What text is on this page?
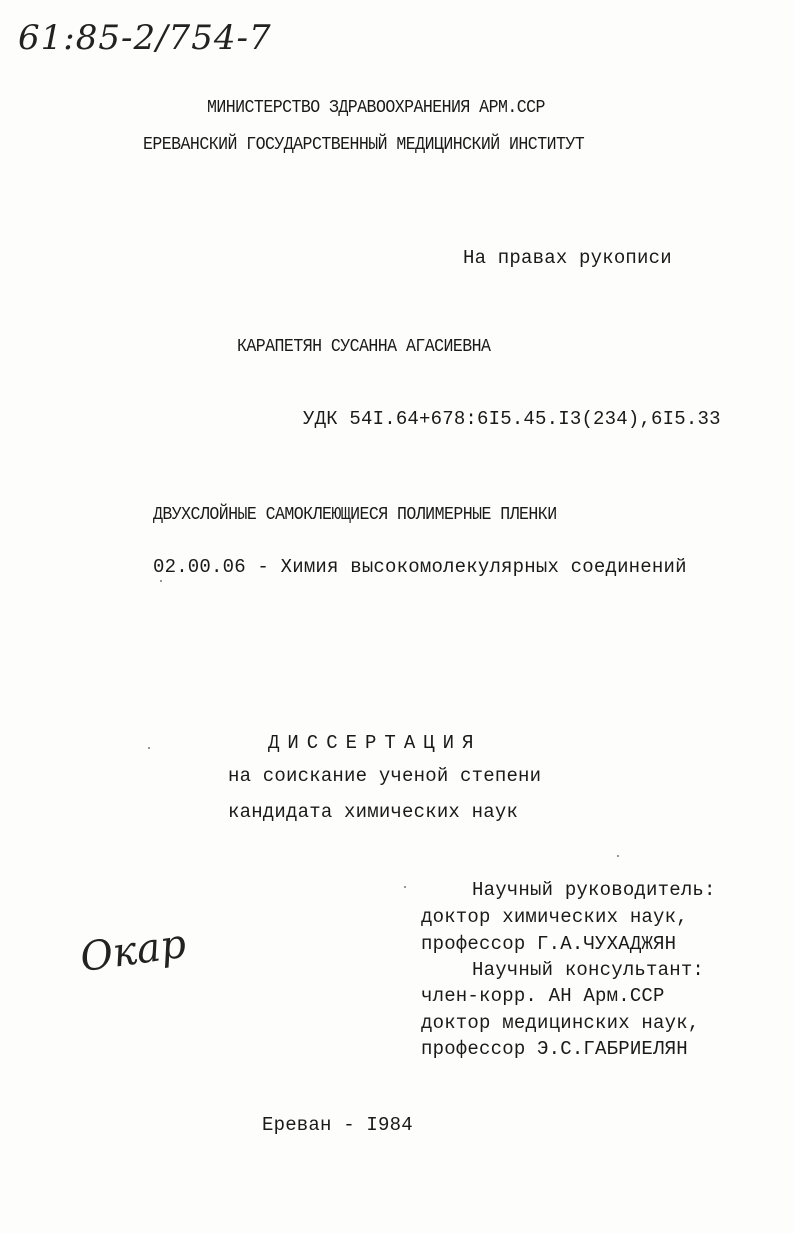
61:85-2/754-7
МИНИСТЕРСТВО ЗДРАВООХРАНЕНИЯ АРМ.ССР
ЕРЕВАНСКИЙ ГОСУДАРСТВЕННЫЙ МЕДИЦИНСКИЙ ИНСТИТУТ
На правах рукописи
КАРАПЕТЯН СУСАННА АГАСИЕВНА
УДК 54I.64+678:6I5.45.I3(234),6I5.33
ДВУХСЛОЙНЫЕ САМОКЛЕЮЩИЕСЯ ПОЛИМЕРНЫЕ ПЛЕНКИ
02.00.06 - Химия высокомолекулярных соединений
ДИССЕРТАЦИЯ
на соискание ученой степени
кандидата химических наук
Научный руководитель:
доктор химических наук,
профессор Г.А.ЧУХАДЖЯН
Научный консультант:
член-корр. АН Арм.ССР
доктор медицинских наук,
профессор Э.С.ГАБРИЕЛЯН
Окар
Ереван - I984
